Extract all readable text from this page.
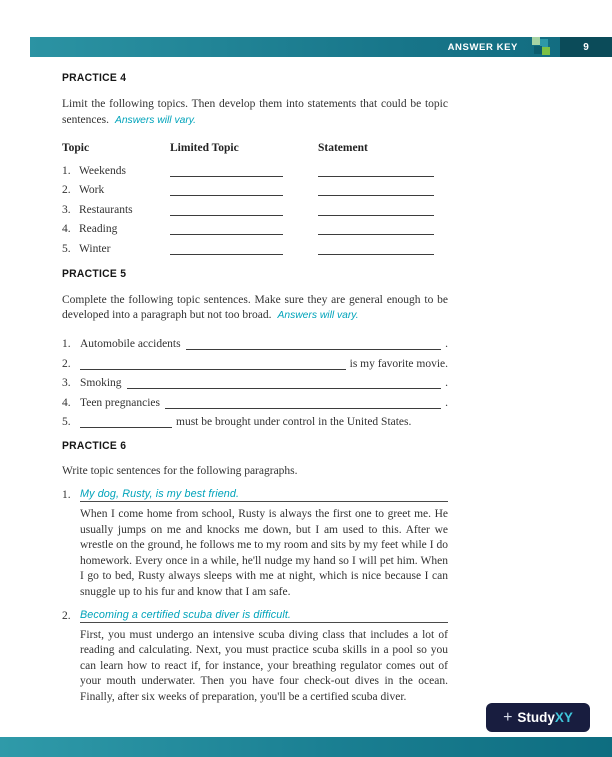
ANSWER KEY	9
PRACTICE 4

Limit the following topics. Then develop them into statements that could be topic sentences. Answers will vary.

Topic	Limited Topic	Statement
1. Weekends
2. Work
3. Restaurants
4. Reading
5. Winter
PRACTICE 5

Complete the following topic sentences. Make sure they are general enough to be developed into a paragraph but not too broad. Answers will vary.

1. Automobile accidents	.
2.	is my favorite movie.
3. Smoking	.
4. Teen pregnancies	.
5.	must be brought under control in the United States.
PRACTICE 6

Write topic sentences for the following paragraphs.

1. My dog, Rusty, is my best friend.

When I come home from school, Rusty is always the first one to greet me. He usually jumps on me and knocks me down, but I am used to this. After we wrestle on the ground, he follows me to my room and sits by my feet while I do homework. Every once in a while, he'll nudge my hand so I will pet him. When I go to bed, Rusty always sleeps with me at night, which is nice because I can snuggle up to his fur and know that I am safe.

2. Becoming a certified scuba diver is difficult.

First, you must undergo an intensive scuba diving class that includes a lot of reading and calculating. Next, you must practice scuba skills in a pool so you can learn how to react if, for instance, your breathing regulator comes out of your mouth underwater. Then you have four check-out dives in the ocean. Finally, after six weeks of preparation, you'll be a certified scuba diver.

+ StudyXY
